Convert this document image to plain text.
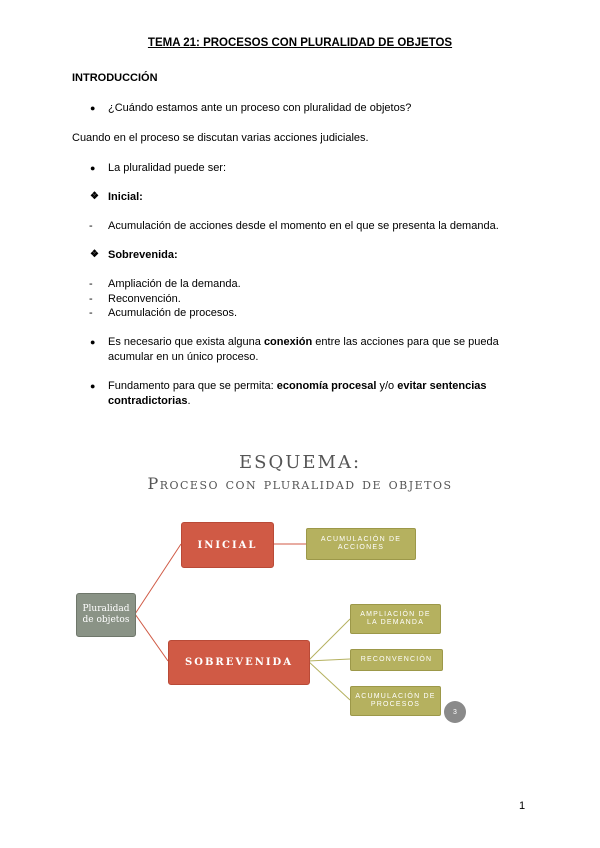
TEMA 21: PROCESOS CON PLURALIDAD DE OBJETOS
INTRODUCCIÓN
● ¿Cuándo estamos ante un proceso con pluralidad de objetos?
Cuando en el proceso se discutan varias acciones judiciales.
● La pluralidad puede ser:
❖ Inicial:
- Acumulación de acciones desde el momento en el que se presenta la demanda.
❖ Sobrevenida:
- Ampliación de la demanda.
- Reconvención.
- Acumulación de procesos.
● Es necesario que exista alguna conexión entre las acciones para que se pueda
acumular en un único proceso.
● Fundamento para que se permita: economía procesal y/o evitar sentencias
contradictorias.
ESQUEMA:
Proceso con pluralidad de objetos
Pluralidad de objetos
INICIAL
SOBREVENIDA
ACUMULACIÓN DE ACCIONES
AMPLIACIÓN DE LA DEMANDA
RECONVENCIÓN
ACUMULACIÓN DE PROCESOS
3
1
